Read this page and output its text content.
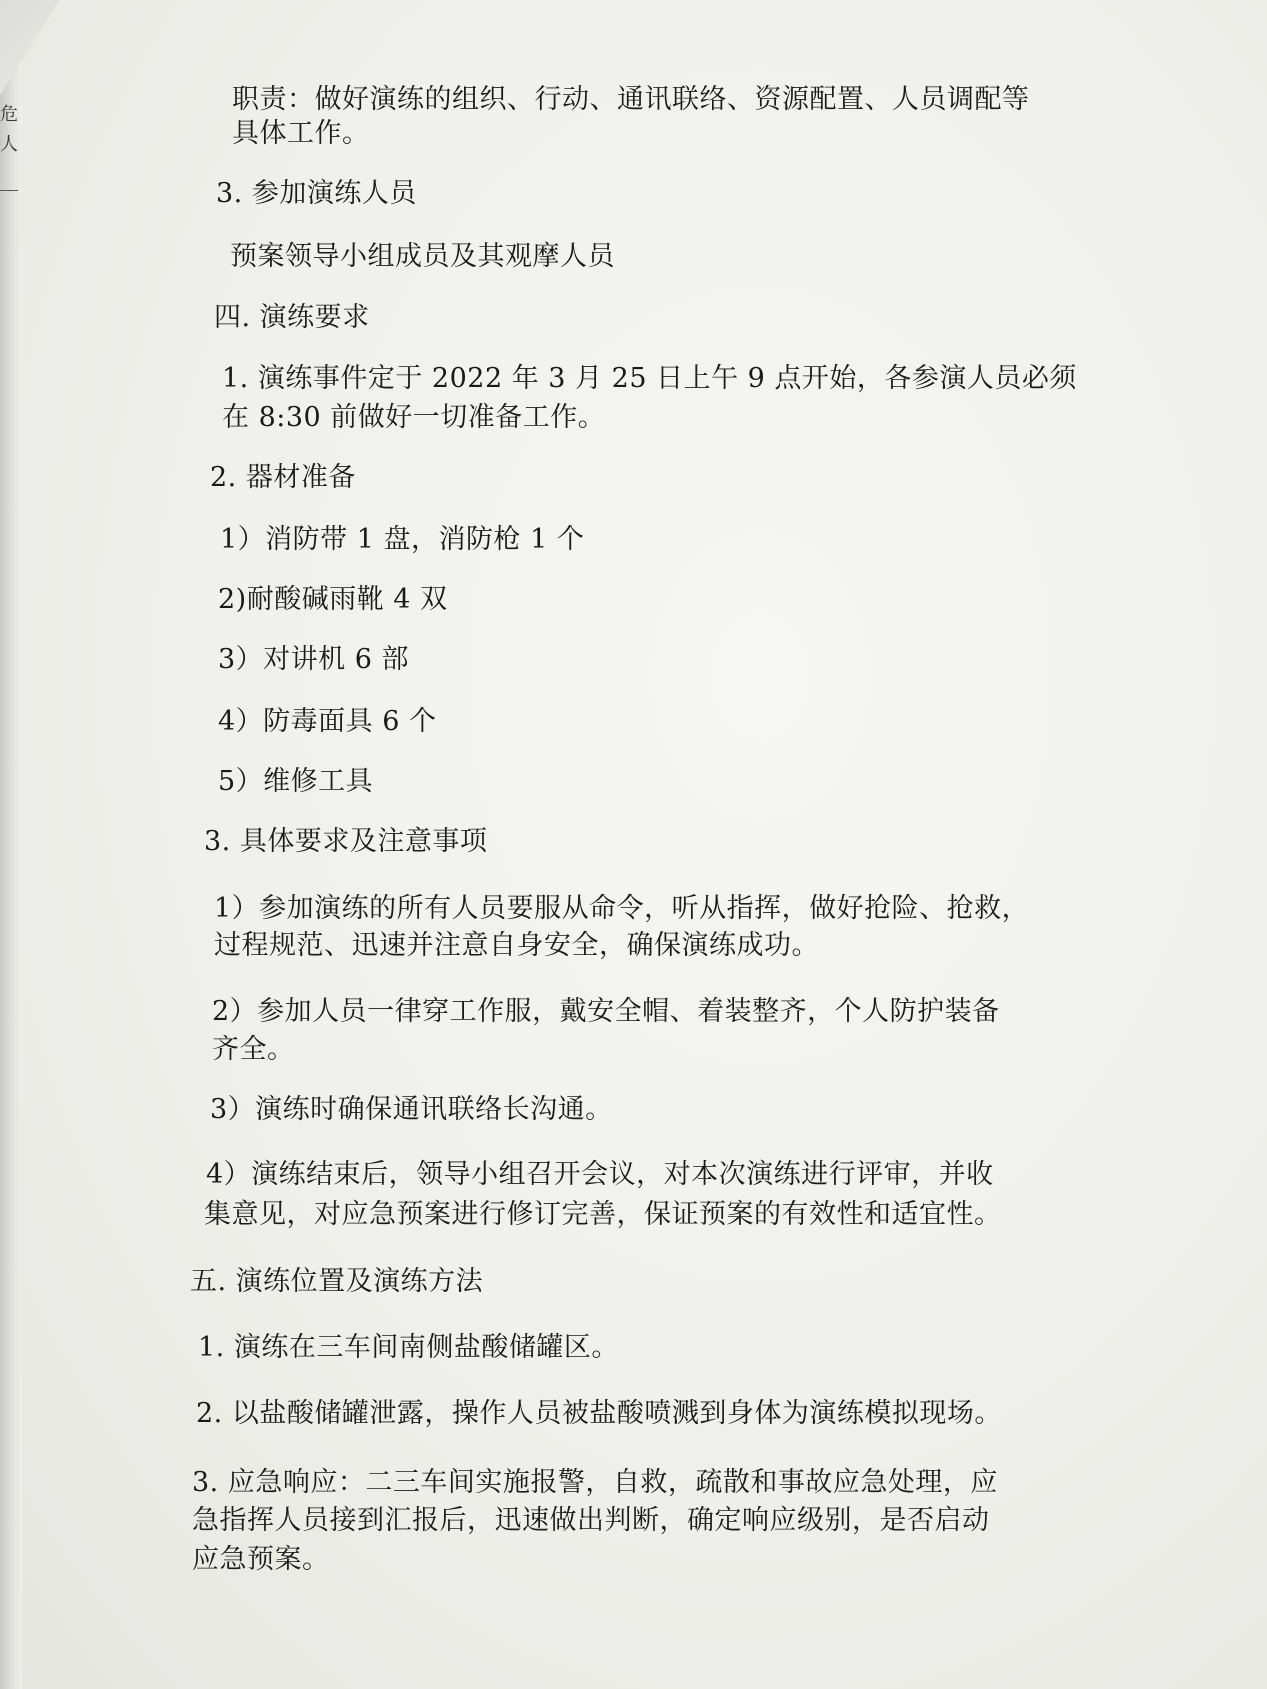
危
人
职责：做好演练的组织、行动、通讯联络、资源配置、人员调配等
具体工作。
3. 参加演练人员
预案领导小组成员及其观摩人员
四. 演练要求
1. 演练事件定于 2022 年 3 月 25 日上午 9 点开始，各参演人员必须
在 8:30 前做好一切准备工作。
2. 器材准备
1）消防带 1 盘，消防枪 1 个
2)耐酸碱雨靴 4 双
3）对讲机 6 部
4）防毒面具 6 个
5）维修工具
3. 具体要求及注意事项
1）参加演练的所有人员要服从命令，听从指挥，做好抢险、抢救，
过程规范、迅速并注意自身安全，确保演练成功。
2）参加人员一律穿工作服，戴安全帽、着装整齐，个人防护装备
齐全。
3）演练时确保通讯联络长沟通。
4）演练结束后，领导小组召开会议，对本次演练进行评审，并收
集意见，对应急预案进行修订完善，保证预案的有效性和适宜性。
五. 演练位置及演练方法
1. 演练在三车间南侧盐酸储罐区。
2. 以盐酸储罐泄露，操作人员被盐酸喷溅到身体为演练模拟现场。
3. 应急响应：二三车间实施报警，自救，疏散和事故应急处理，应
急指挥人员接到汇报后，迅速做出判断，确定响应级别，是否启动
应急预案。
